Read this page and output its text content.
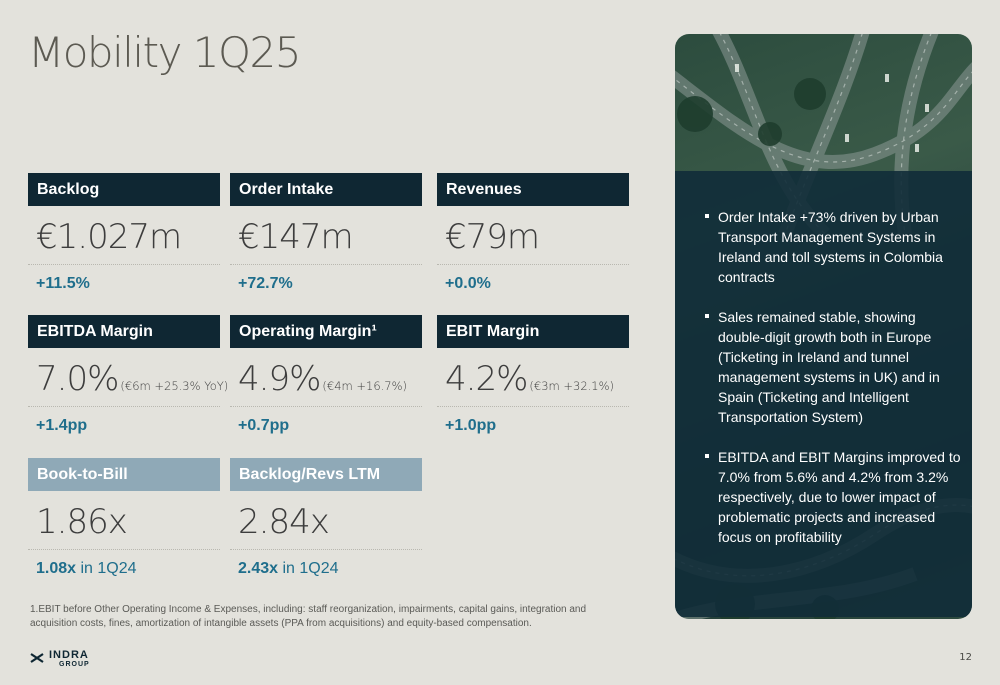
Mobility 1Q25
Backlog
€1.027m
+11.5%
Order Intake
€147m
+72.7%
Revenues
€79m
+0.0%
EBITDA Margin
7.0% (€6m +25.3% YoY)
+1.4pp
Operating Margin¹
4.9% (€4m +16.7%)
+0.7pp
EBIT Margin
4.2% (€3m +32.1%)
+1.0pp
Book-to-Bill
1.86x
1.08x in 1Q24
Backlog/Revs LTM
2.84x
2.43x in 1Q24
1.EBIT before Other Operating Income & Expenses, including: staff reorganization, impairments, capital gains, integration and acquisition costs, fines, amortization of intangible assets (PPA from acquisitions) and equity-based compensation.
Order Intake +73% driven by Urban Transport Management Systems in Ireland and toll systems in Colombia contracts
Sales remained stable, showing double-digit growth both in Europe (Ticketing in Ireland and tunnel management systems in UK) and in Spain (Ticketing and Intelligent Transportation System)
EBITDA and EBIT Margins improved to 7.0% from 5.6% and 4.2% from 3.2% respectively, due to lower impact of problematic projects and increased focus on profitability
INDRA
GROUP
12
